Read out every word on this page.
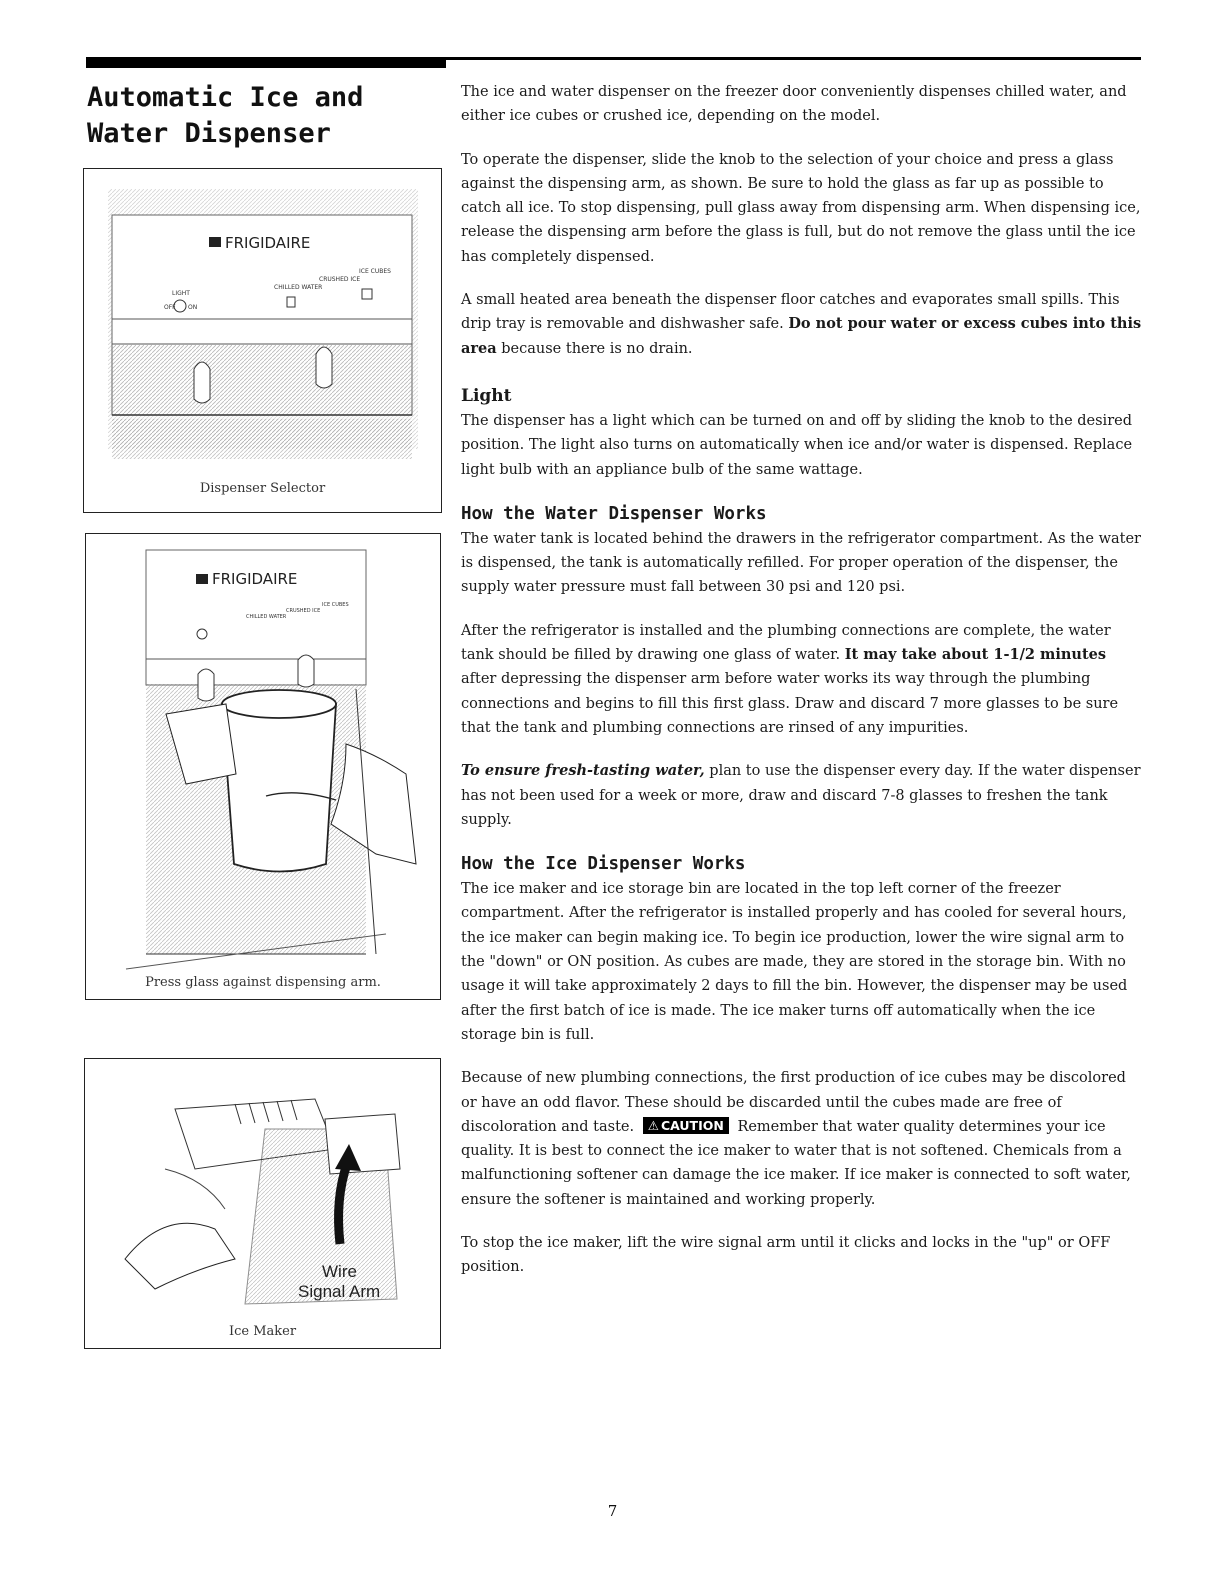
Automatic Ice and Water Dispenser
FRIGIDAIRE
LIGHT
OFF ON
CHILLED WATER
CRUSHED ICE
ICE CUBES
Dispenser Selector
FRIGIDAIRE
CHILLED WATER
CRUSHED ICE
ICE CUBES
Press glass against dispensing arm.
Wire
Signal Arm
Ice Maker

The ice and water dispenser on the freezer door conveniently dispenses chilled water, and either ice cubes or crushed ice, depending on the model.

To operate the dispenser, slide the knob to the selection of your choice and press a glass against the dispensing arm, as shown. Be sure to hold the glass as far up as possible to catch all ice. To stop dispensing, pull glass away from dispensing arm. When dispensing ice, release the dispensing arm before the glass is full, but do not remove the glass until the ice has completely dispensed.

A small heated area beneath the dispenser floor catches and evaporates small spills. This drip tray is removable and dishwasher safe. Do not pour water or excess cubes into this area because there is no drain.

Light

The dispenser has a light which can be turned on and off by sliding the knob to the desired position. The light also turns on automatically when ice and/or water is dispensed. Replace light bulb with an appliance bulb of the same wattage.

How the Water Dispenser Works

The water tank is located behind the drawers in the refrigerator compartment. As the water is dispensed, the tank is automatically refilled. For proper operation of the dispenser, the supply water pressure must fall between 30 psi and 120 psi.

After the refrigerator is installed and the plumbing connections are complete, the water tank should be filled by drawing one glass of water. It may take about 1-1/2 minutes after depressing the dispenser arm before water works its way through the plumbing connections and begins to fill this first glass. Draw and discard 7 more glasses to be sure that the tank and plumbing connections are rinsed of any impurities.

To ensure fresh-tasting water, plan to use the dispenser every day. If the water dispenser has not been used for a week or more, draw and discard 7-8 glasses to freshen the tank supply.

How the Ice Dispenser Works

The ice maker and ice storage bin are located in the top left corner of the freezer compartment. After the refrigerator is installed properly and has cooled for several hours, the ice maker can begin making ice. To begin ice production, lower the wire signal arm to the "down" or ON position. As cubes are made, they are stored in the storage bin. With no usage it will take approximately 2 days to fill the bin. However, the dispenser may be used after the first batch of ice is made. The ice maker turns off automatically when the ice storage bin is full.

Because of new plumbing connections, the first production of ice cubes may be discolored or have an odd flavor. These should be discarded until the cubes made are free of discoloration and taste. ⚠ CAUTION Remember that water quality determines your ice quality. It is best to connect the ice maker to water that is not softened. Chemicals from a malfunctioning softener can damage the ice maker. If ice maker is connected to soft water, ensure the softener is maintained and working properly.

To stop the ice maker, lift the wire signal arm until it clicks and locks in the "up" or OFF position.

7
